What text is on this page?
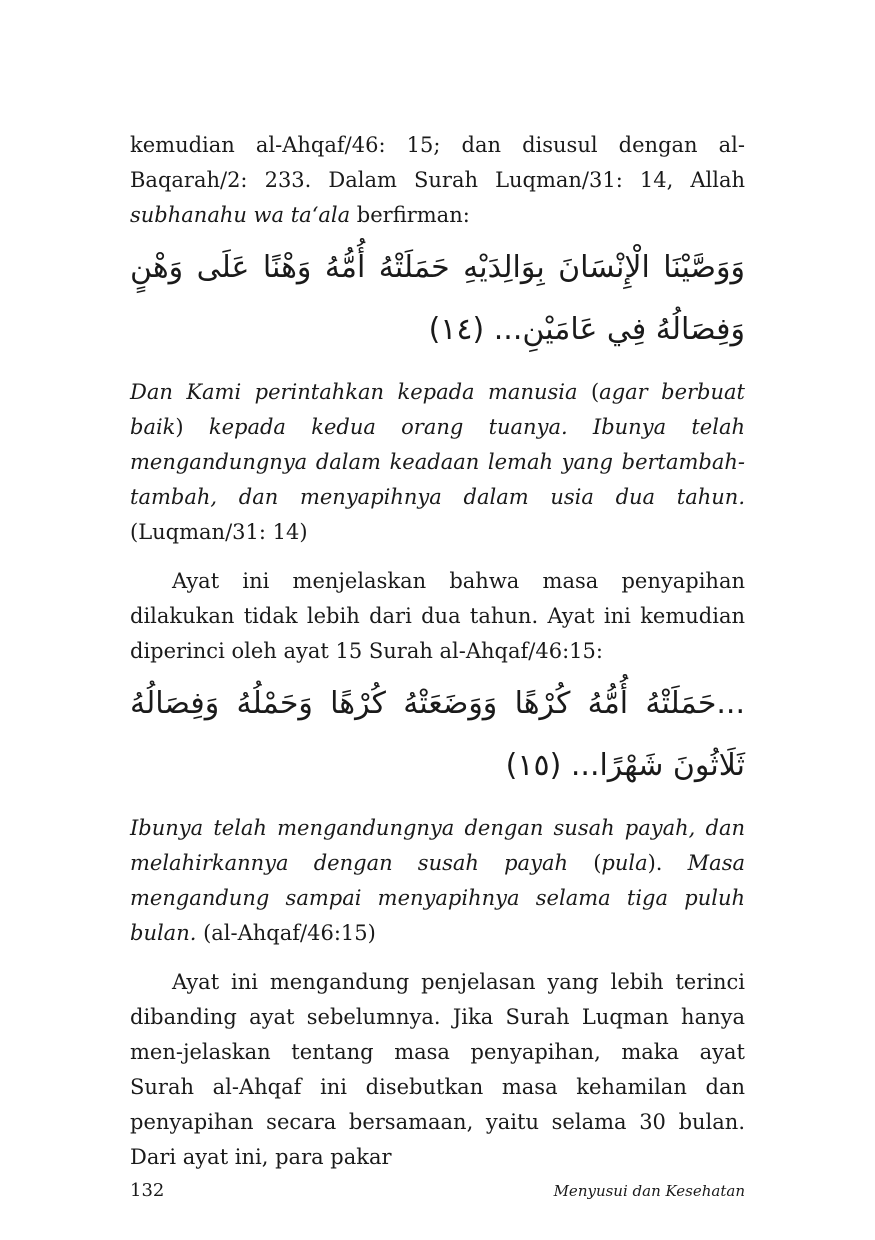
kemudian al-Ahqaf/46: 15; dan disusul dengan al-Baqarah/2: 233. Dalam Surah Luqman/31: 14, Allah subhanahu wa ta‘ala berfirman:

وَوَصَّيْنَا الْإِنْسَانَ بِوَالِدَيْهِ حَمَلَتْهُ أُمُّهُ وَهْنًا عَلَى وَهْنٍ وَفِصَالُهُ فِي عَامَيْنِ... (١٤)

Dan Kami perintahkan kepada manusia (agar berbuat baik) kepada kedua orang tuanya. Ibunya telah mengandungnya dalam keadaan lemah yang bertambah-tambah, dan menyapihnya dalam usia dua tahun. (Luqman/31: 14)

Ayat ini menjelaskan bahwa masa penyapihan dilakukan tidak lebih dari dua tahun. Ayat ini kemudian diperinci oleh ayat 15 Surah al-Ahqaf/46:15:

...حَمَلَتْهُ أُمُّهُ كُرْهًا وَوَضَعَتْهُ كُرْهًا وَحَمْلُهُ وَفِصَالُهُ ثَلَاثُونَ شَهْرًا... (١٥)

Ibunya telah mengandungnya dengan susah payah, dan melahirkannya dengan susah payah (pula). Masa mengandung sampai menyapihnya selama tiga puluh bulan. (al-Ahqaf/46:15)

Ayat ini mengandung penjelasan yang lebih terinci dibanding ayat sebelumnya. Jika Surah Luqman hanya men-jelaskan tentang masa penyapihan, maka ayat Surah al-Ahqaf ini disebutkan masa kehamilan dan penyapihan secara bersamaan, yaitu selama 30 bulan. Dari ayat ini, para pakar

132	Menyusui dan Kesehatan
